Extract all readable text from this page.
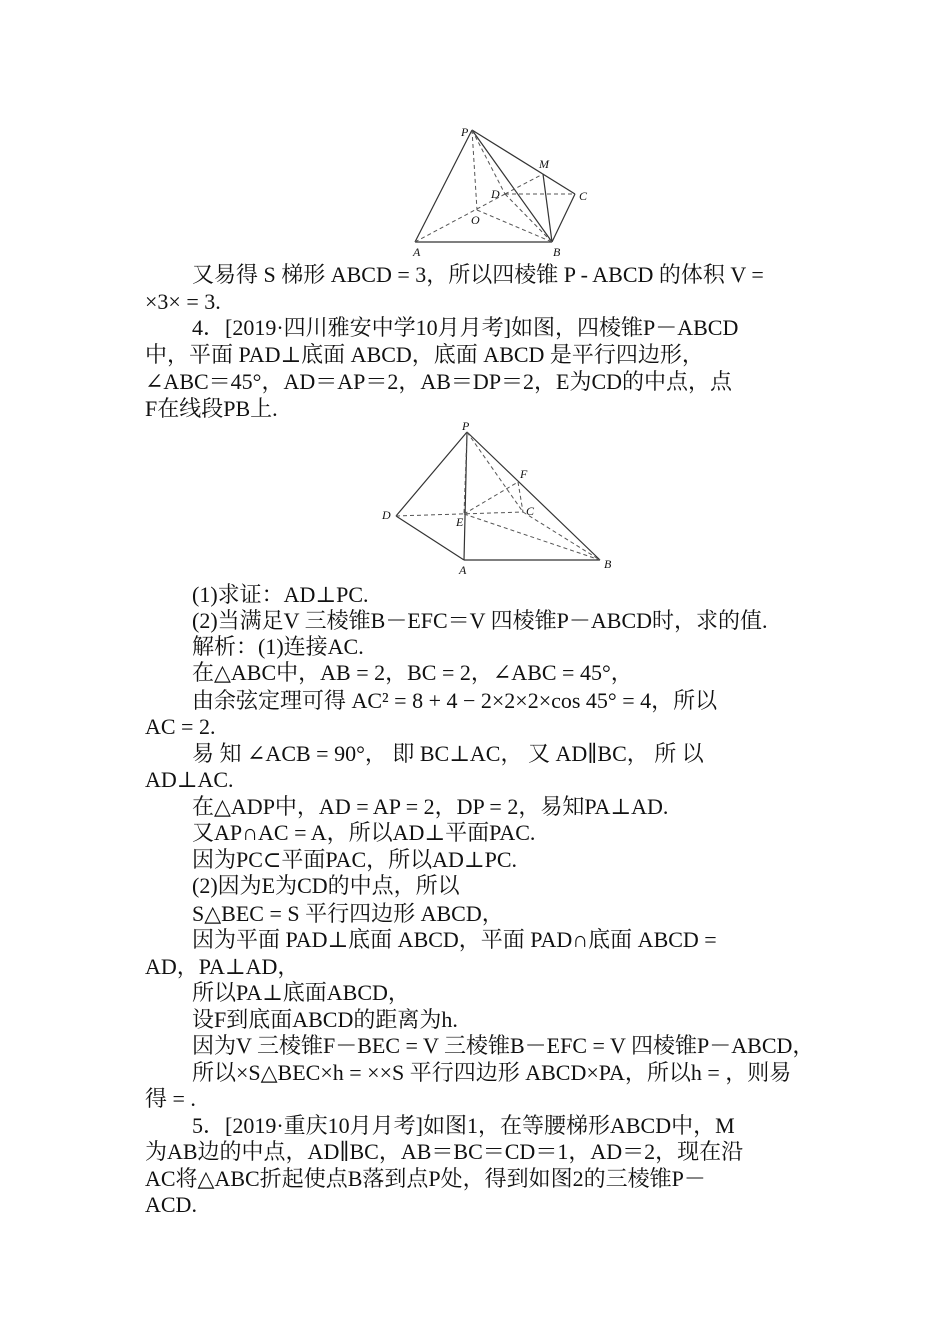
P
M
D	C
O
A	B
P
F
D	E
C
A	B
又易得 S 梯形 ABCD = 3，所以四棱锥 P - ABCD 的体积 V =
×3× = 3.
4．[2019·四川雅安中学10月月考]如图，四棱锥P－ABCD
中，平面 PAD⊥底面 ABCD，底面 ABCD 是平行四边形，
∠ABC＝45°，AD＝AP＝2，AB＝DP＝2，E为CD的中点，点
F在线段PB上.
(1)求证：AD⊥PC.
(2)当满足V 三棱锥B－EFC＝V 四棱锥P－ABCD时，求的值.
解析：(1)连接AC.
在△ABC中，AB = 2，BC = 2，∠ABC = 45°，
由余弦定理可得 AC² = 8 + 4 − 2×2×2×cos 45° = 4，所以
AC = 2.
易 知 ∠ACB = 90°， 即 BC⊥AC， 又 AD∥BC， 所 以
AD⊥AC.
在△ADP中，AD = AP = 2，DP = 2，易知PA⊥AD.
又AP∩AC = A，所以AD⊥平面PAC.
因为PC⊂平面PAC，所以AD⊥PC.
(2)因为E为CD的中点，所以
S△BEC = S 平行四边形 ABCD，
因为平面 PAD⊥底面 ABCD，平面 PAD∩底面 ABCD =
AD，PA⊥AD，
所以PA⊥底面ABCD，
设F到底面ABCD的距离为h.
因为V 三棱锥F－BEC = V 三棱锥B－EFC = V 四棱锥P－ABCD，
所以×S△BEC×h = ××S 平行四边形 ABCD×PA，所以h = ，则易
得 = .
5．[2019·重庆10月月考]如图1，在等腰梯形ABCD中，M
为AB边的中点，AD∥BC，AB＝BC＝CD＝1，AD＝2，现在沿
AC将△ABC折起使点B落到点P处，得到如图2的三棱锥P－
ACD.
